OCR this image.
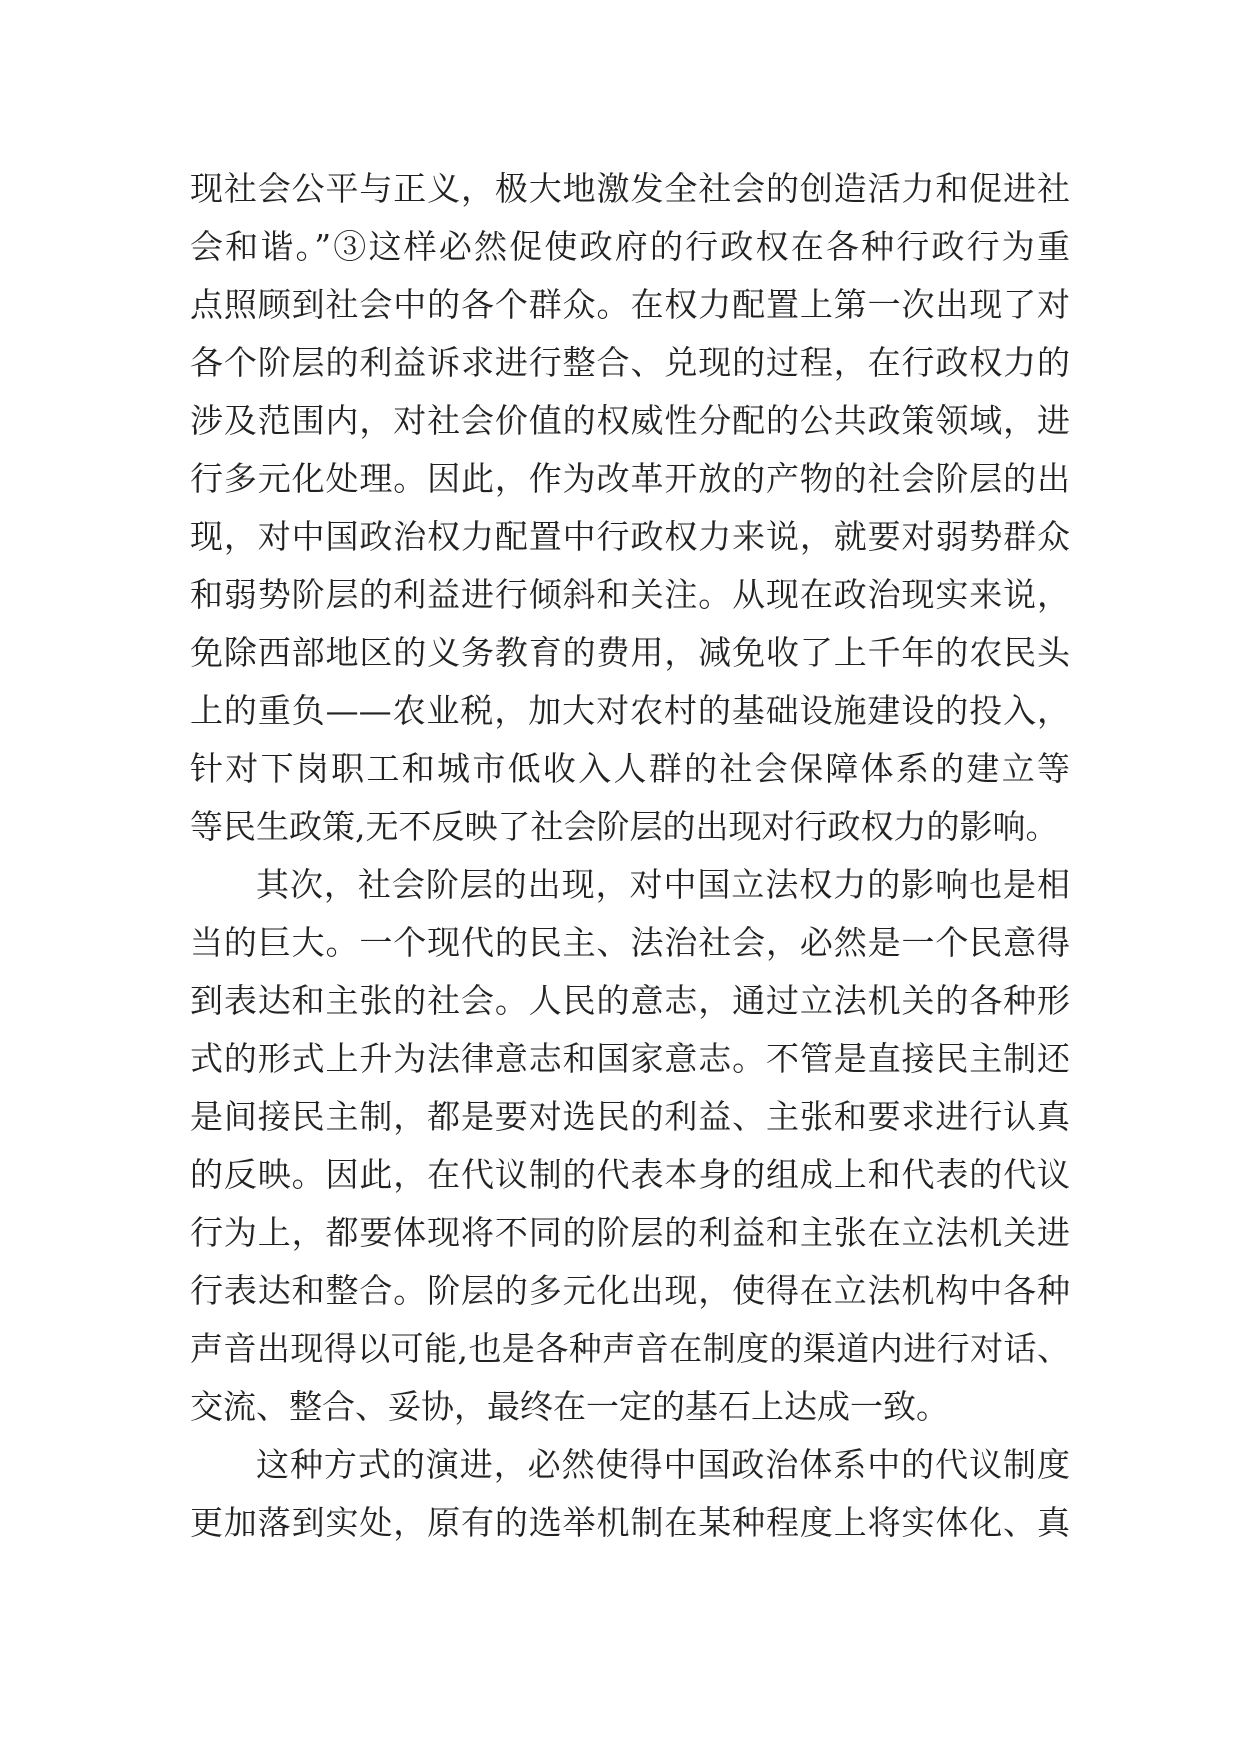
现社会公平与正义，极大地激发全社会的创造活力和促进社
会和谐。”③这样必然促使政府的行政权在各种行政行为重
点照顾到社会中的各个群众。在权力配置上第一次出现了对
各个阶层的利益诉求进行整合、兑现的过程，在行政权力的
涉及范围内，对社会价值的权威性分配的公共政策领域，进
行多元化处理。因此，作为改革开放的产物的社会阶层的出
现，对中国政治权力配置中行政权力来说，就要对弱势群众
和弱势阶层的利益进行倾斜和关注。从现在政治现实来说，
免除西部地区的义务教育的费用，减免收了上千年的农民头
上的重负——农业税，加大对农村的基础设施建设的投入，
针对下岗职工和城市低收入人群的社会保障体系的建立等
等民生政策,无不反映了社会阶层的出现对行政权力的影响。
其次，社会阶层的出现，对中国立法权力的影响也是相
当的巨大。一个现代的民主、法治社会，必然是一个民意得
到表达和主张的社会。人民的意志，通过立法机关的各种形
式的形式上升为法律意志和国家意志。不管是直接民主制还
是间接民主制，都是要对选民的利益、主张和要求进行认真
的反映。因此，在代议制的代表本身的组成上和代表的代议
行为上，都要体现将不同的阶层的利益和主张在立法机关进
行表达和整合。阶层的多元化出现，使得在立法机构中各种
声音出现得以可能,也是各种声音在制度的渠道内进行对话、
交流、整合、妥协，最终在一定的基石上达成一致。
这种方式的演进，必然使得中国政治体系中的代议制度
更加落到实处，原有的选举机制在某种程度上将实体化、真
